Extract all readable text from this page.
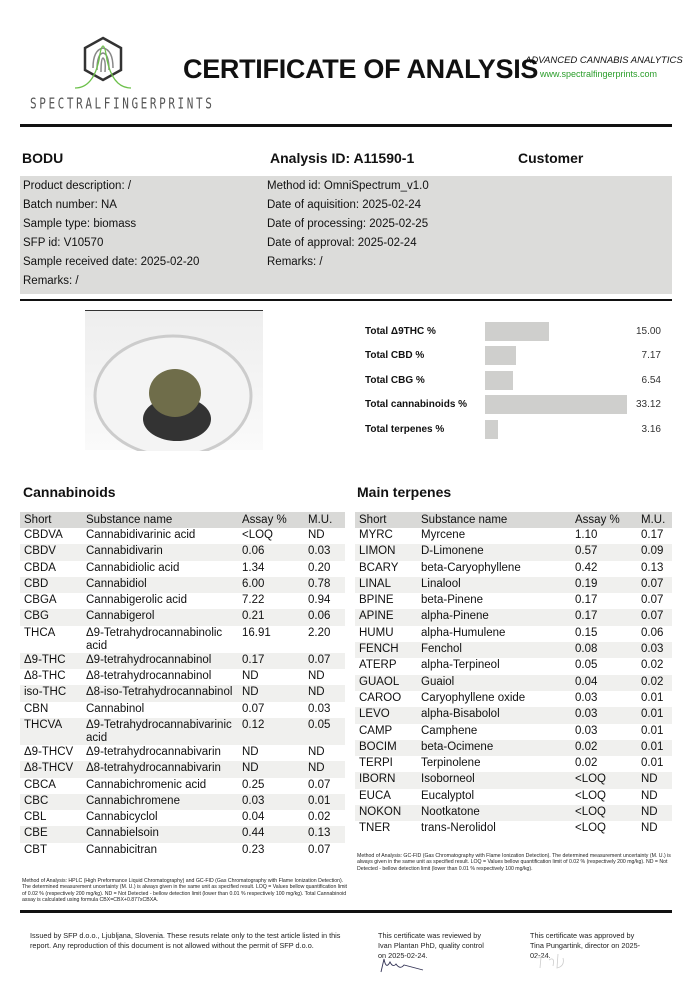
SPECTRALFINGERPRINTS
CERTIFICATE OF ANALYSIS
ADVANCED CANNABIS ANALYTICS
www.spectralfingerprints.com
BODU	Analysis ID: A11590-1	Customer
Product description: /
Batch number: NA
Sample type: biomass
SFP id: V10570
Sample received date: 2025-02-20
Remarks: /
Method id: OmniSpectrum_v1.0
Date of aquisition: 2025-02-24
Date of processing: 2025-02-25
Date of approval: 2025-02-24
Remarks: /
Total Δ9THC %	15.00
Total CBD %	7.17
Total CBG %	6.54
Total cannabinoids %	33.12
Total terpenes %	3.16
Cannabinoids	Main terpenes
Short	Substance name	Assay %	M.U.
CBDVA	Cannabidivarinic acid	<LOQ	ND
CBDV	Cannabidivarin	0.06	0.03
CBDA	Cannabidiolic acid	1.34	0.20
CBD	Cannabidiol	6.00	0.78
CBGA	Cannabigerolic acid	7.22	0.94
CBG	Cannabigerol	0.21	0.06
THCA	Δ9-Tetrahydrocannabinolic acid	16.91	2.20
Δ9-THC	Δ9-tetrahydrocannabinol	0.17	0.07
Δ8-THC	Δ8-tetrahydrocannabinol	ND	ND
iso-THC	Δ8-iso-Tetrahydrocannabinol	ND	ND
CBN	Cannabinol	0.07	0.03
THCVA	Δ9-Tetrahydrocannabivarinic acid	0.12	0.05
Δ9-THCV	Δ9-tetrahydrocannabivarin	ND	ND
Δ8-THCV	Δ8-tetrahydrocannabivarin	ND	ND
CBCA	Cannabichromenic acid	0.25	0.07
CBC	Cannabichromene	0.03	0.01
CBL	Cannabicyclol	0.04	0.02
CBE	Cannabielsoin	0.44	0.13
CBT	Cannabicitran	0.23	0.07
Short	Substance name	Assay %	M.U.
MYRC	Myrcene	1.10	0.17
LIMON	D-Limonene	0.57	0.09
BCARY	beta-Caryophyllene	0.42	0.13
LINAL	Linalool	0.19	0.07
BPINE	beta-Pinene	0.17	0.07
APINE	alpha-Pinene	0.17	0.07
HUMU	alpha-Humulene	0.15	0.06
FENCH	Fenchol	0.08	0.03
ATERP	alpha-Terpineol	0.05	0.02
GUAOL	Guaiol	0.04	0.02
CAROO	Caryophyllene oxide	0.03	0.01
LEVO	alpha-Bisabolol	0.03	0.01
CAMP	Camphene	0.03	0.01
BOCIM	beta-Ocimene	0.02	0.01
TERPI	Terpinolene	0.02	0.01
IBORN	Isoborneol	<LOQ	ND
EUCA	Eucalyptol	<LOQ	ND
NOKON	Nootkatone	<LOQ	ND
TNER	trans-Nerolidol	<LOQ	ND
Method of Analysis: HPLC (High Preformance Liquid Chromatography) and GC-FID (Gas Chromatography with Flame Ionization Detection). The determined measurement uncertainty (M. U.) is always given in the same unit as specified result. LOQ = Values bellow quantification limit of 0.02 % (respectively 200 mg/kg). ND = Not Detected - bellow detection limit (lower than 0.01 % respectively 100 mg/kg). Total Cannabinoid assay is calculated using formula CBX=CBX+0.877xCBXA.
Method of Analysis: GC-FID (Gas Chromatography with Flame Ionization Detection). The determined measurement uncertainty (M. U.) is always given in the same unit as specified result. LOQ = Values bellow quantification limit of 0.02 % (respectively 200 mg/kg). ND = Not Detected - bellow detection limit (lower than 0.01 % respectively 100 mg/kg).
Issued by SFP d.o.o., Ljubljana, Slovenia. These resuts relate only to the test article listed in this report. Any reproduction of this document is not allowed without the permit of SFP d.o.o.
This certificate was reviewed by Ivan Plantan PhD, quality control on 2025-02-24.
This certificate was approved by Tina Pungartink, director on 2025-02-24.
